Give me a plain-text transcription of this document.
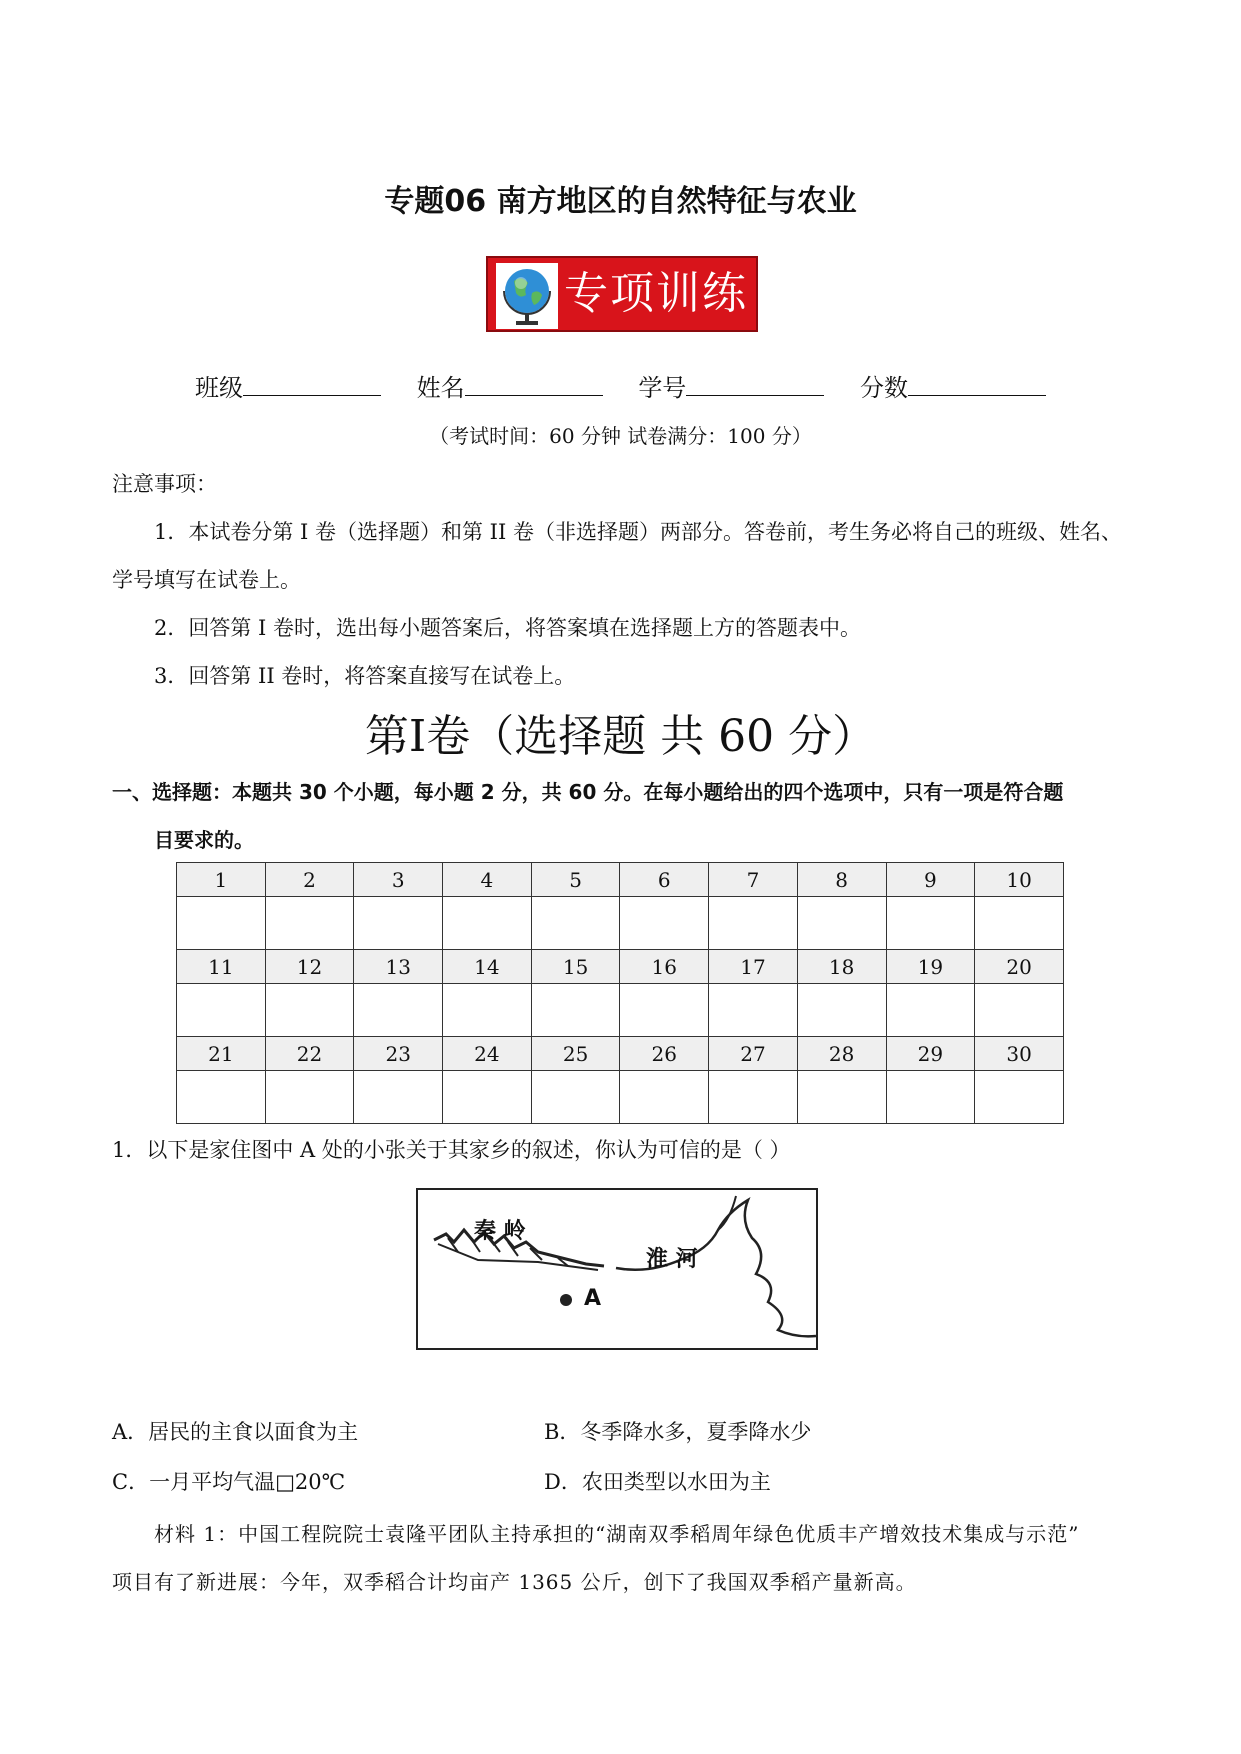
专题06 南方地区的自然特征与农业
专项训练
班级	姓名	学号	分数
（考试时间：60 分钟 试卷满分：100 分）
注意事项：
1．本试卷分第 I 卷（选择题）和第 II 卷（非选择题）两部分。答卷前，考生务必将自己的班级、姓名、
学号填写在试卷上。
2．回答第 I 卷时，选出每小题答案后，将答案填在选择题上方的答题表中。
3．回答第 II 卷时，将答案直接写在试卷上。
第I卷（选择题 共 60 分）
一、选择题：本题共 30 个小题，每小题 2 分，共 60 分。在每小题给出的四个选项中，只有一项是符合题
目要求的。
1	2	3	4	5	6	7	8	9	10

11	12	13	14	15	16	17	18	19	20

21	22	23	24	25	26	27	28	29	30

1．以下是家住图中 A 处的小张关于其家乡的叙述，你认为可信的是（ ）
秦 岭
淮 河
A
A．居民的主食以面食为主	B．冬季降水多，夏季降水少
C．一月平均气温□20℃	D．农田类型以水田为主
材料 1：中国工程院院士袁隆平团队主持承担的“湖南双季稻周年绿色优质丰产增效技术集成与示范”
项目有了新进展：今年，双季稻合计均亩产 1365 公斤，创下了我国双季稻产量新高。
